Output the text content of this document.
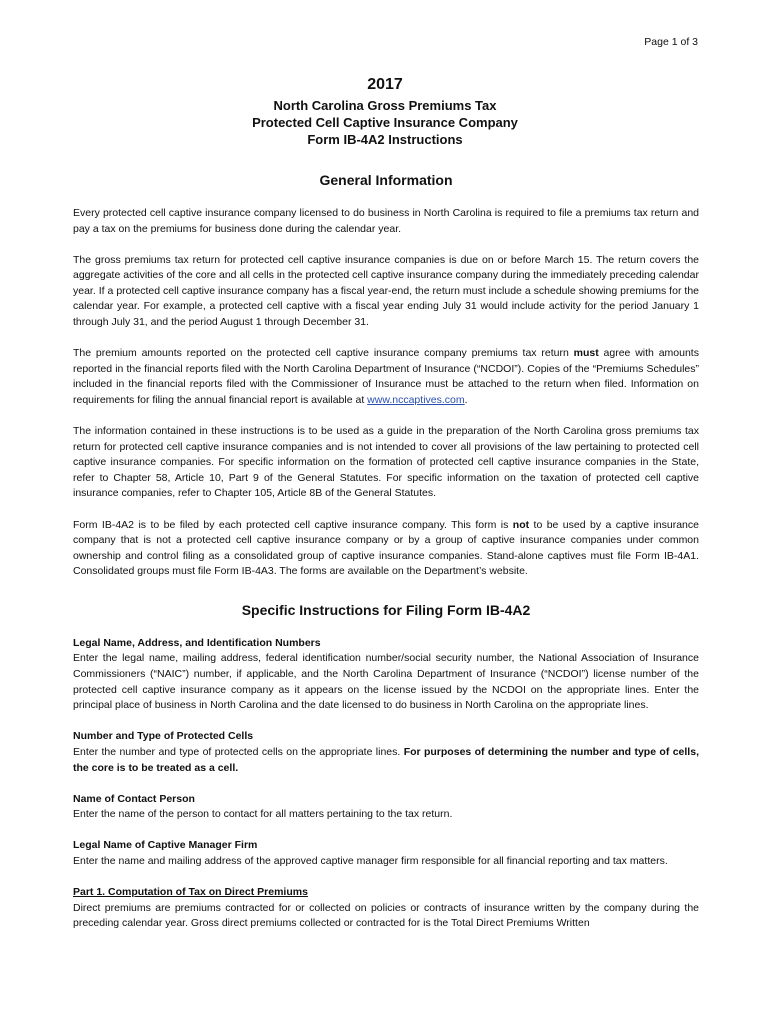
Page 1 of 3
2017
North Carolina Gross Premiums Tax
Protected Cell Captive Insurance Company
Form IB-4A2 Instructions
General Information

Every protected cell captive insurance company licensed to do business in North Carolina is required to file a premiums tax return and pay a tax on the premiums for business done during the calendar year.

The gross premiums tax return for protected cell captive insurance companies is due on or before March 15. The return covers the aggregate activities of the core and all cells in the protected cell captive insurance company during the immediately preceding calendar year. If a protected cell captive insurance company has a fiscal year-end, the return must include a schedule showing premiums for the calendar year. For example, a protected cell captive with a fiscal year ending July 31 would include activity for the period January 1 through July 31, and the period August 1 through December 31.

The premium amounts reported on the protected cell captive insurance company premiums tax return must agree with amounts reported in the financial reports filed with the North Carolina Department of Insurance (“NCDOI”). Copies of the “Premiums Schedules” included in the financial reports filed with the Commissioner of Insurance must be attached to the return when filed. Information on requirements for filing the annual financial report is available at www.nccaptives.com.

The information contained in these instructions is to be used as a guide in the preparation of the North Carolina gross premiums tax return for protected cell captive insurance companies and is not intended to cover all provisions of the law pertaining to protected cell captive insurance companies. For specific information on the formation of protected cell captive insurance companies in the State, refer to Chapter 58, Article 10, Part 9 of the General Statutes. For specific information on the taxation of protected cell captive insurance companies, refer to Chapter 105, Article 8B of the General Statutes.

Form IB-4A2 is to be filed by each protected cell captive insurance company. This form is not to be used by a captive insurance company that is not a protected cell captive insurance company or by a group of captive insurance companies under common ownership and control filing as a consolidated group of captive insurance companies. Stand-alone captives must file Form IB-4A1. Consolidated groups must file Form IB-4A3. The forms are available on the Department’s website.

Specific Instructions for Filing Form IB-4A2
Legal Name, Address, and Identification Numbers

Enter the legal name, mailing address, federal identification number/social security number, the National Association of Insurance Commissioners (“NAIC”) number, if applicable, and the North Carolina Department of Insurance (“NCDOI”) license number of the protected cell captive insurance company as it appears on the license issued by the NCDOI on the appropriate lines. Enter the principal place of business in North Carolina and the date licensed to do business in North Carolina on the appropriate lines.

Number and Type of Protected Cells

Enter the number and type of protected cells on the appropriate lines. For purposes of determining the number and type of cells, the core is to be treated as a cell.

Name of Contact Person

Enter the name of the person to contact for all matters pertaining to the tax return.

Legal Name of Captive Manager Firm

Enter the name and mailing address of the approved captive manager firm responsible for all financial reporting and tax matters.

Part 1. Computation of Tax on Direct Premiums

Direct premiums are premiums contracted for or collected on policies or contracts of insurance written by the company during the preceding calendar year. Gross direct premiums collected or contracted for is the Total Direct Premiums Written
